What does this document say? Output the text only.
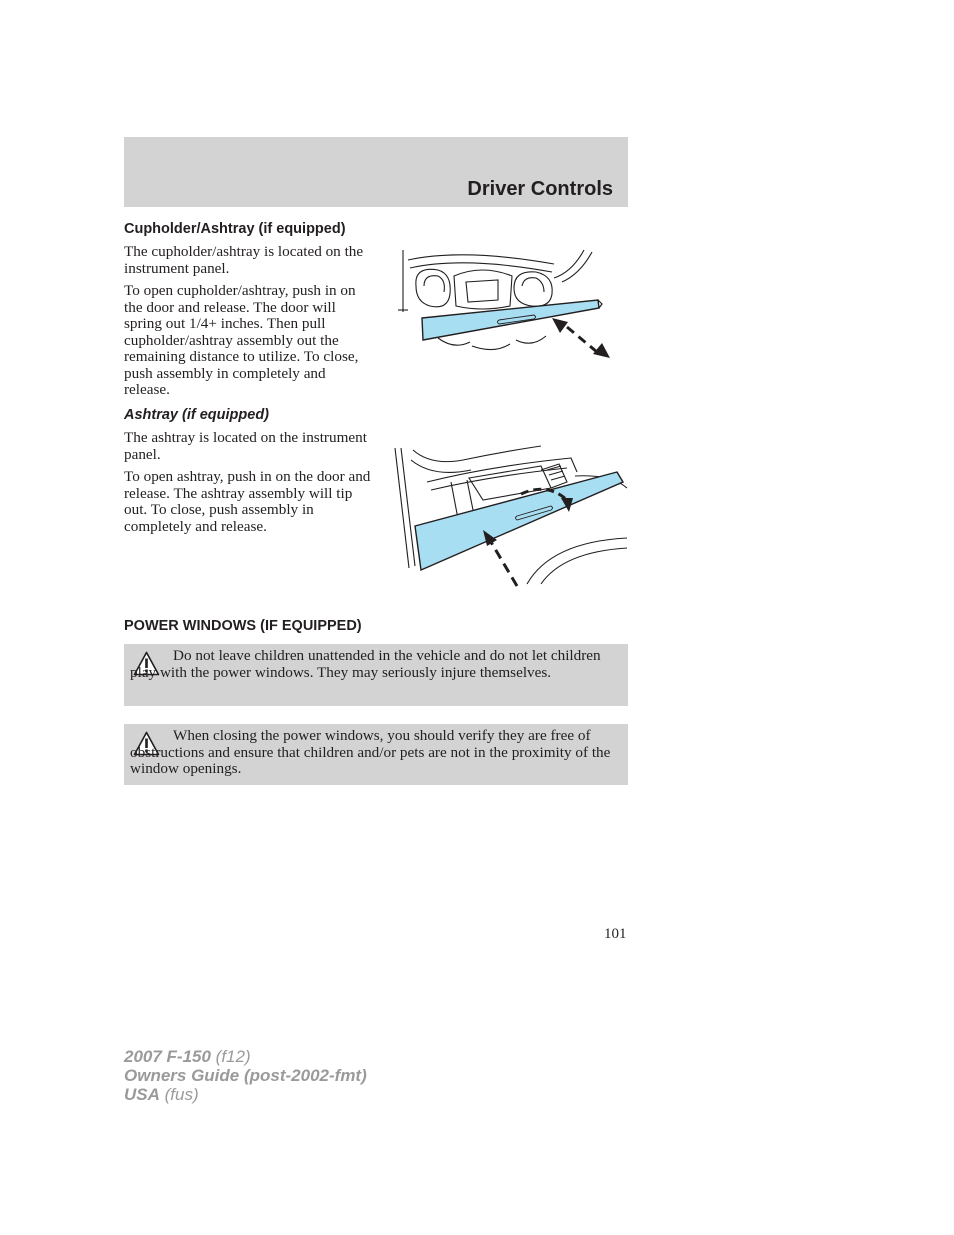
Driver Controls
Cupholder/Ashtray (if equipped)

The cupholder/ashtray is located on the instrument panel.

To open cupholder/ashtray, push in on the door and release. The door will spring out 1/4+ inches. Then pull cupholder/ashtray assembly out the remaining distance to utilize. To close, push assembly in completely and release.

Ashtray (if equipped)

The ashtray is located on the instrument panel.

To open ashtray, push in on the door and release. The ashtray assembly will tip out. To close, push assembly in completely and release.

POWER WINDOWS (IF EQUIPPED)

Do not leave children unattended in the vehicle and do not let children play with the power windows. They may seriously injure themselves.

When closing the power windows, you should verify they are free of obstructions and ensure that children and/or pets are not in the proximity of the window openings.

101
2007 F-150 (f12)
Owners Guide (post-2002-fmt)
USA (fus)
